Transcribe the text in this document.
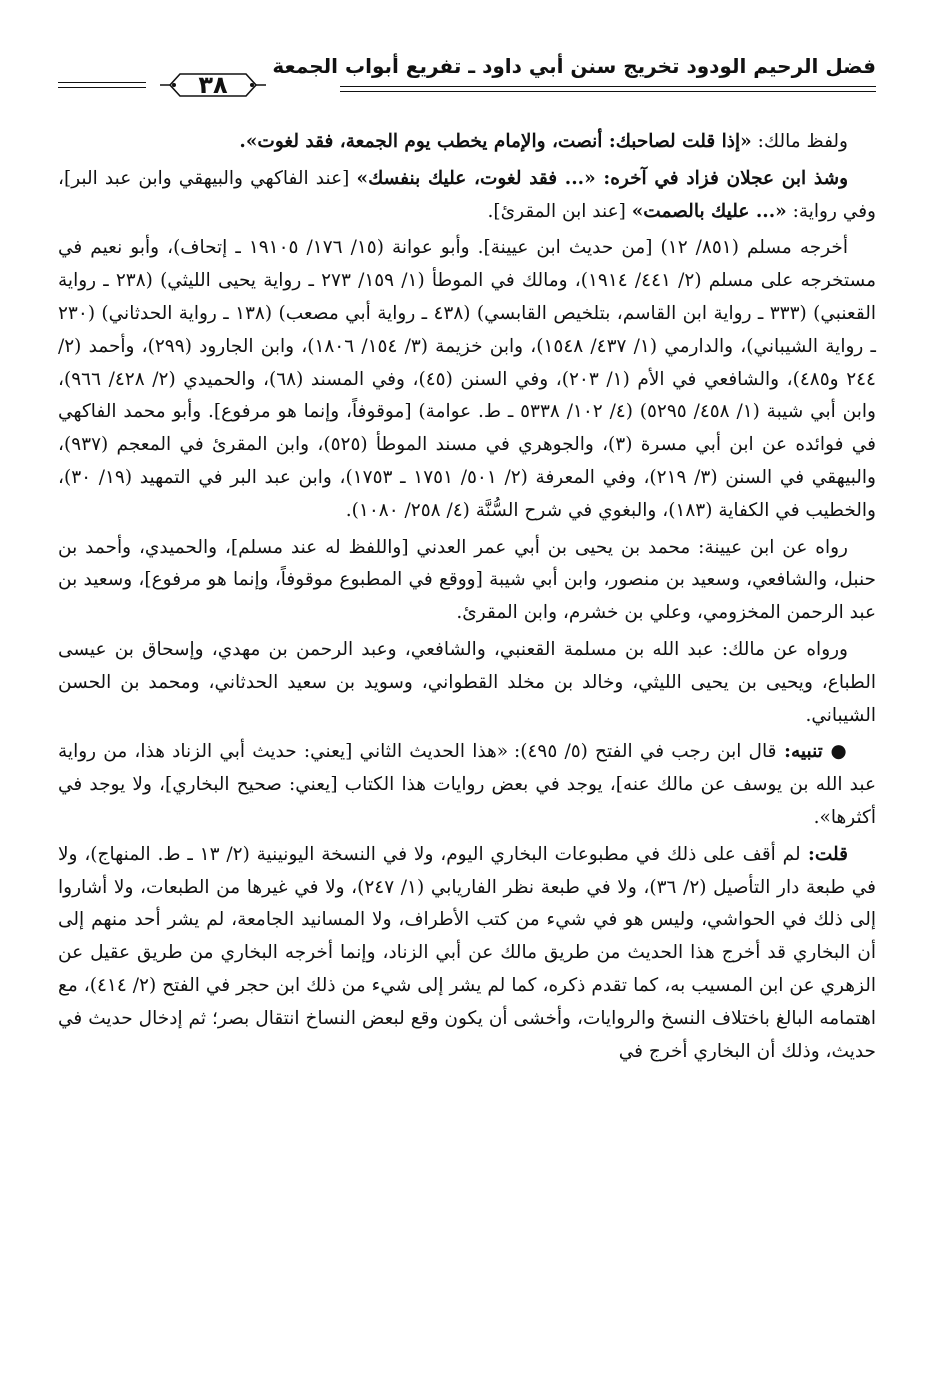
فضل الرحيم الودود تخريج سنن أبي داود ـ تفريع أبواب الجمعة
٣٨

ولفظ مالك: «إذا قلت لصاحبك: أنصت، والإمام يخطب يوم الجمعة، فقد لغوت».

وشذ ابن عجلان فزاد في آخره: «... فقد لغوت، عليك بنفسك» [عند الفاكهي والبيهقي وابن عبد البر]، وفي رواية: «... عليك بالصمت» [عند ابن المقرئ].

أخرجه مسلم (٨٥١/ ١٢) [من حديث ابن عيينة]. وأبو عوانة (١٥/ ١٧٦/ ١٩١٠٥ ـ إتحاف)، وأبو نعيم في مستخرجه على مسلم (٢/ ٤٤١/ ١٩١٤)، ومالك في الموطأ (١/ ١٥٩/ ٢٧٣ ـ رواية يحيى الليثي) (٢٣٨ ـ رواية القعنبي) (٣٣٣ ـ رواية ابن القاسم، بتلخيص القابسي) (٤٣٨ ـ رواية أبي مصعب) (١٣٨ ـ رواية الحدثاني) (٢٣٠ ـ رواية الشيباني)، والدارمي (١/ ٤٣٧/ ١٥٤٨)، وابن خزيمة (٣/ ١٥٤/ ١٨٠٦)، وابن الجارود (٢٩٩)، وأحمد (٢/ ٢٤٤ و٤٨٥)، والشافعي في الأم (١/ ٢٠٣)، وفي السنن (٤٥)، وفي المسند (٦٨)، والحميدي (٢/ ٤٢٨/ ٩٦٦)، وابن أبي شيبة (١/ ٤٥٨/ ٥٢٩٥) (٤/ ١٠٢/ ٥٣٣٨ ـ ط. عوامة) [موقوفاً، وإنما هو مرفوع]. وأبو محمد الفاكهي في فوائده عن ابن أبي مسرة (٣)، والجوهري في مسند الموطأ (٥٢٥)، وابن المقرئ في المعجم (٩٣٧)، والبيهقي في السنن (٣/ ٢١٩)، وفي المعرفة (٢/ ٥٠١/ ١٧٥١ ـ ١٧٥٣)، وابن عبد البر في التمهيد (١٩/ ٣٠)، والخطيب في الكفاية (١٨٣)، والبغوي في شرح السُّنَّة (٤/ ٢٥٨/ ١٠٨٠).

رواه عن ابن عيينة: محمد بن يحيى بن أبي عمر العدني [واللفظ له عند مسلم]، والحميدي، وأحمد بن حنبل، والشافعي، وسعيد بن منصور، وابن أبي شيبة [ووقع في المطبوع موقوفاً، وإنما هو مرفوع]، وسعيد بن عبد الرحمن المخزومي، وعلي بن خشرم، وابن المقرئ.

ورواه عن مالك: عبد الله بن مسلمة القعنبي، والشافعي، وعبد الرحمن بن مهدي، وإسحاق بن عيسى الطباع، ويحيى بن يحيى الليثي، وخالد بن مخلد القطواني، وسويد بن سعيد الحدثاني، ومحمد بن الحسن الشيباني.

● تنبيه: قال ابن رجب في الفتح (٥/ ٤٩٥): «هذا الحديث الثاني [يعني: حديث أبي الزناد هذا، من رواية عبد الله بن يوسف عن مالك عنه]، يوجد في بعض روايات هذا الكتاب [يعني: صحيح البخاري]، ولا يوجد في أكثرها».

قلت: لم أقف على ذلك في مطبوعات البخاري اليوم، ولا في النسخة اليونينية (٢/ ١٣ ـ ط. المنهاج)، ولا في طبعة دار التأصيل (٢/ ٣٦)، ولا في طبعة نظر الفاريابي (١/ ٢٤٧)، ولا في غيرها من الطبعات، ولا أشاروا إلى ذلك في الحواشي، وليس هو في شيء من كتب الأطراف، ولا المسانيد الجامعة، لم يشر أحد منهم إلى أن البخاري قد أخرج هذا الحديث من طريق مالك عن أبي الزناد، وإنما أخرجه البخاري من طريق عقيل عن الزهري عن ابن المسيب به، كما تقدم ذكره، كما لم يشر إلى شيء من ذلك ابن حجر في الفتح (٢/ ٤١٤)، مع اهتمامه البالغ باختلاف النسخ والروايات، وأخشى أن يكون وقع لبعض النساخ انتقال بصر؛ ثم إدخال حديث في حديث، وذلك أن البخاري أخرج في
